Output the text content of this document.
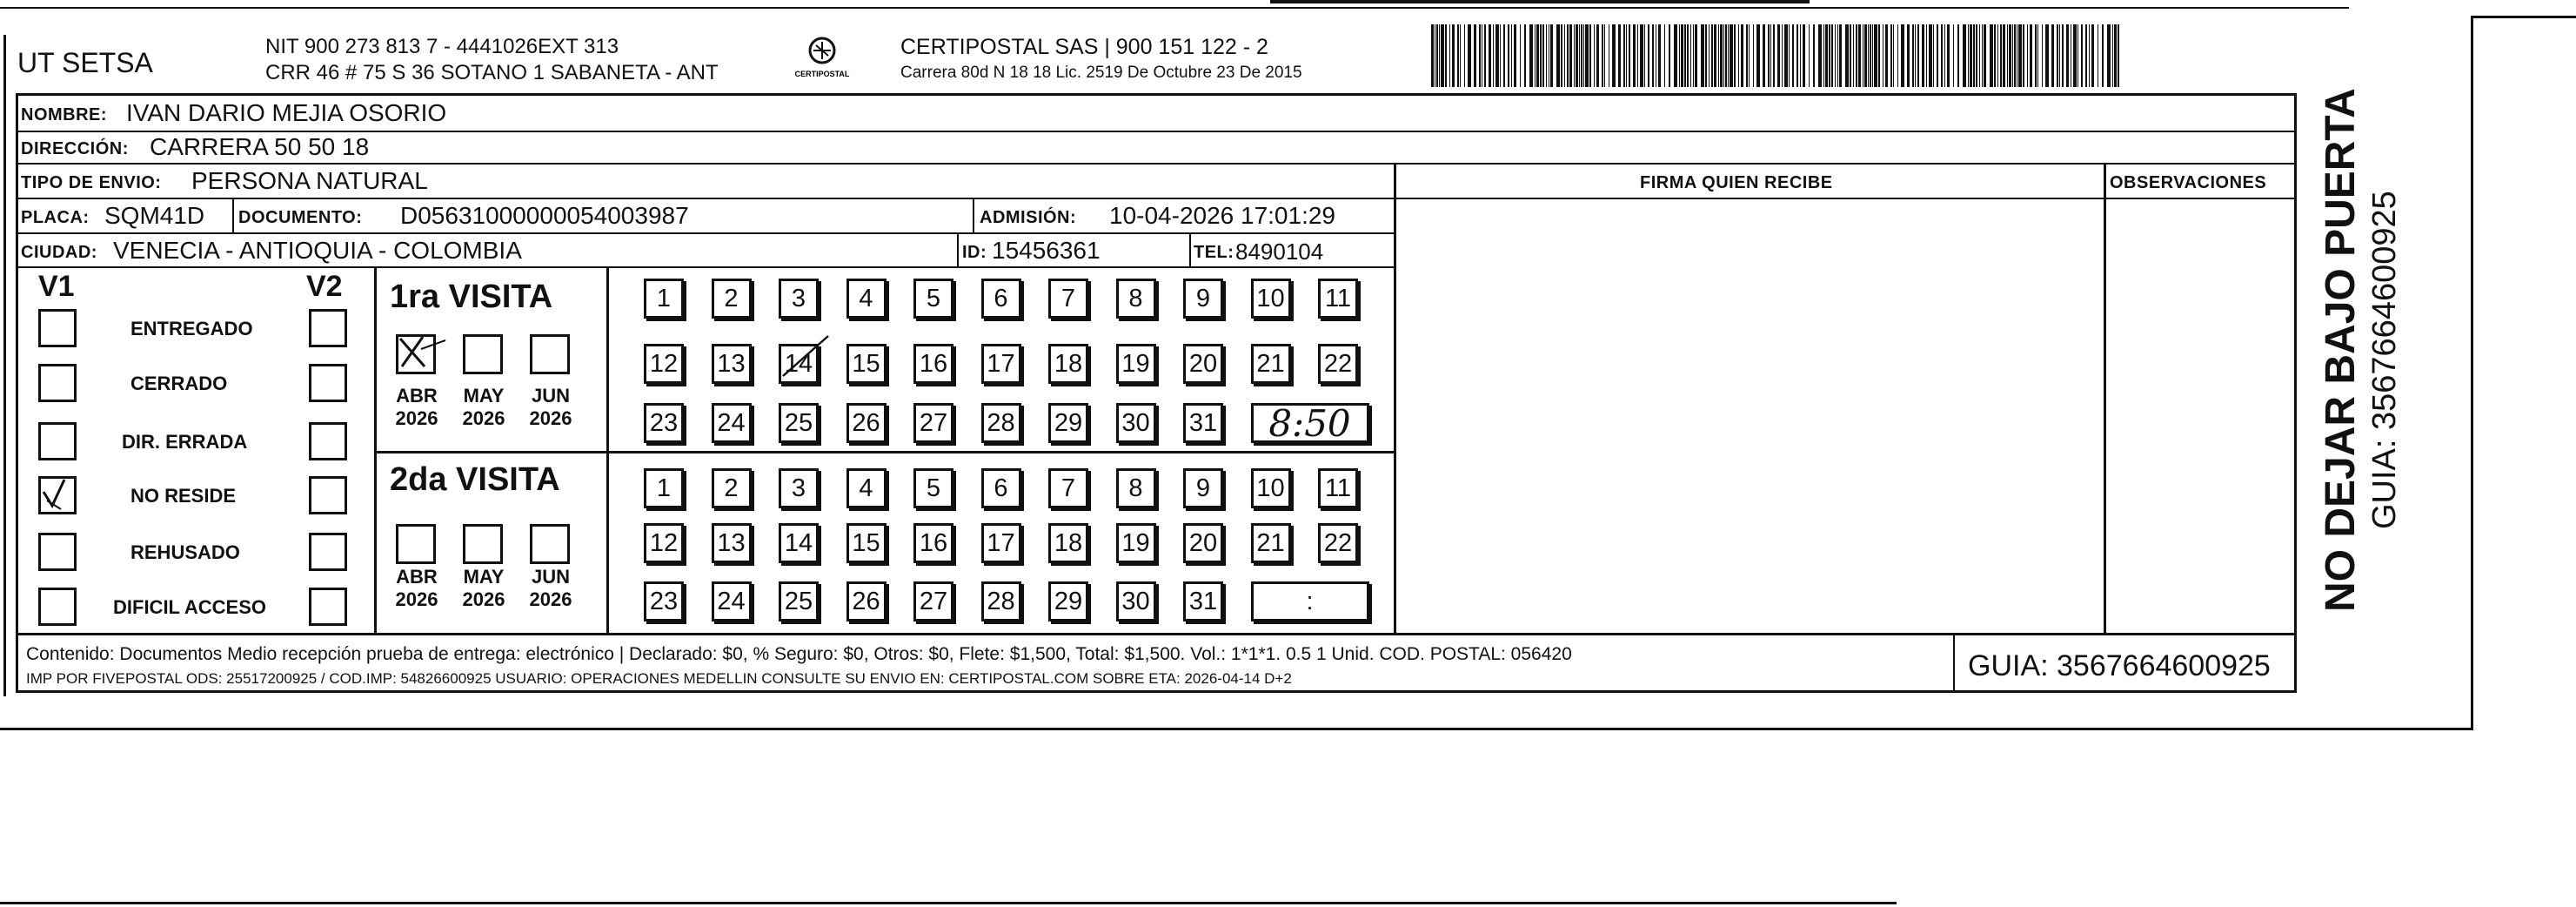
UT SETSA
NIT 900 273 813 7 - 4441026EXT 313
CRR 46 # 75 S 36 SOTANO 1 SABANETA - ANT	CERTIPOSTAL
CERTIPOSTAL SAS | 900 151 122 - 2
Carrera 80d N 18 18 Lic. 2519 De Octubre 23 De 2015
NOMBRE: IVAN DARIO MEJIA OSORIO
DIRECCIÓN: CARRERA 50 50 18
TIPO DE ENVIO: PERSONA NATURAL	FIRMA QUIEN RECIBE	OBSERVACIONES
PLACA: SQM41D DOCUMENTO: D05631000000054003987	ADMISIÓN: 10-04-2026 17:01:29
CIUDAD: VENECIA - ANTIOQUIA - COLOMBIA	ID: 15456361	TEL: 8490104
V1	V2
ENTREGADO
CERRADO
DIR. ERRADA
NO RESIDE
REHUSADO
DIFICIL ACCESO
1ra VISITA
2da VISITA
ABR
2026
MAY
2026
JUN
2026
ABR
2026
MAY
2026
JUN
2026
1	2	3	4	5	6	7	8	9	10 11
12 13 14 15 16 17 18 19 20 21 22
23 24 25 26 27 28 29 30 31	8:50
1	2	3	4	5	6	7	8	9	10 11
12 13 14 15 16 17 18 19 20 21 22
23 24 25 26 27 28 29 30 31	:
Contenido: Documentos Medio recepción prueba de entrega: electrónico | Declarado: $0, % Seguro: $0, Otros: $0, Flete: $1,500, Total: $1,500. Vol.: 1*1*1. 0.5 1 Unid. COD. POSTAL: 056420
IMP POR FIVEPOSTAL ODS: 25517200925 / COD.IMP: 54826600925 USUARIO: OPERACIONES MEDELLIN CONSULTE SU ENVIO EN: CERTIPOSTAL.COM SOBRE ETA: 2026-04-14 D+2	GUIA: 3567664600925
NO DEJAR BAJO PUERTA GUIA: 3567664600925
